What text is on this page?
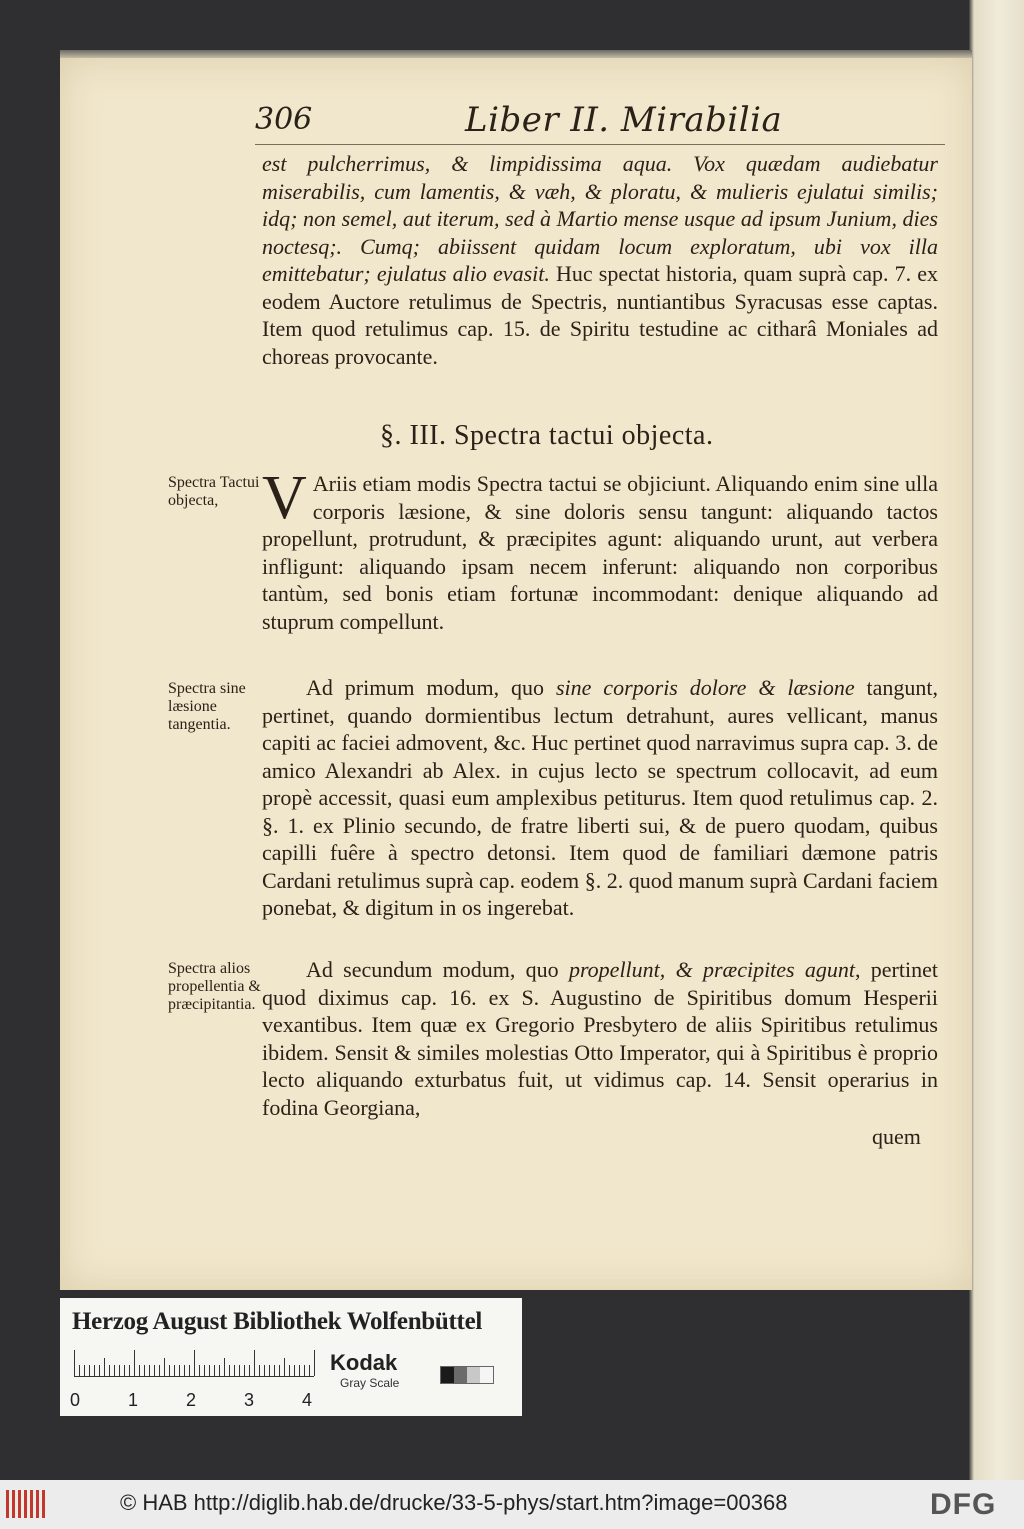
306	Liber II. Mirabilia
est pulcherrimus, & limpidissima aqua. Vox quædam audiebatur miserabilis, cum lamentis, & væh, & ploratu, & mulieris ejulatui similis; idq; non semel, aut iterum, sed à Martio mense usque ad ipsum Junium, dies noctesq;. Cumq; abiissent quidam locum exploratum, ubi vox illa emittebatur; ejulatus alio evasit. Huc spectat historia, quam suprà cap. 7. ex eodem Auctore retulimus de Spectris, nuntiantibus Syracusas esse captas. Item quod retulimus cap. 15. de Spiritu testudine ac citharâ Moniales ad choreas provocante.
§. III. Spectra tactui objecta.
Spectra Tactui objecta, V Ariis etiam modis Spectra tactui se objiciunt. Aliquando enim sine ulla corporis læsione, & sine doloris sensu tangunt: aliquando tactos propellunt, protrudunt, & præcipites agunt: aliquando urunt, aut verbera infligunt: aliquando ipsam necem inferunt: aliquando non corporibus tantùm, sed bonis etiam fortunæ incommodant: denique aliquando ad stuprum compellunt.
Spectra sine læsione tangentia.
Ad primum modum, quo sine corporis dolore & læsione tangunt, pertinet, quando dormientibus lectum detrahunt, aures vellicant, manus capiti ac faciei admovent, &c. Huc pertinet quod narravimus supra cap. 3. de amico Alexandri ab Alex. in cujus lecto se spectrum collocavit, ad eum propè accessit, quasi eum amplexibus petiturus. Item quod retulimus cap. 2. §. 1. ex Plinio secundo, de fratre liberti sui, & de puero quodam, quibus capilli fuêre à spectro detonsi. Item quod de familiari dæmone patris Cardani retulimus suprà cap. eodem §. 2. quod manum suprà Cardani faciem ponebat, & digitum in os ingerebat.
Spectra alios propellentia & præcipitantia.
Ad secundum modum, quo propellunt, & præcipites agunt, pertinet quod diximus cap. 16. ex S. Augustino de Spiritibus domum Hesperii vexantibus. Item quæ ex Gregorio Presbytero de aliis Spiritibus retulimus ibidem. Sensit & similes molestias Otto Imperator, qui à Spiritibus è proprio lecto aliquando exturbatus fuit, ut vidimus cap. 14. Sensit operarius in fodina Georgiana,
quem
Herzog August Bibliothek Wolfenbüttel
0	1	2	3	4
Kodak
Gray Scale
© HAB http://diglib.hab.de/drucke/33-5-phys/start.htm?image=00368	DFG
